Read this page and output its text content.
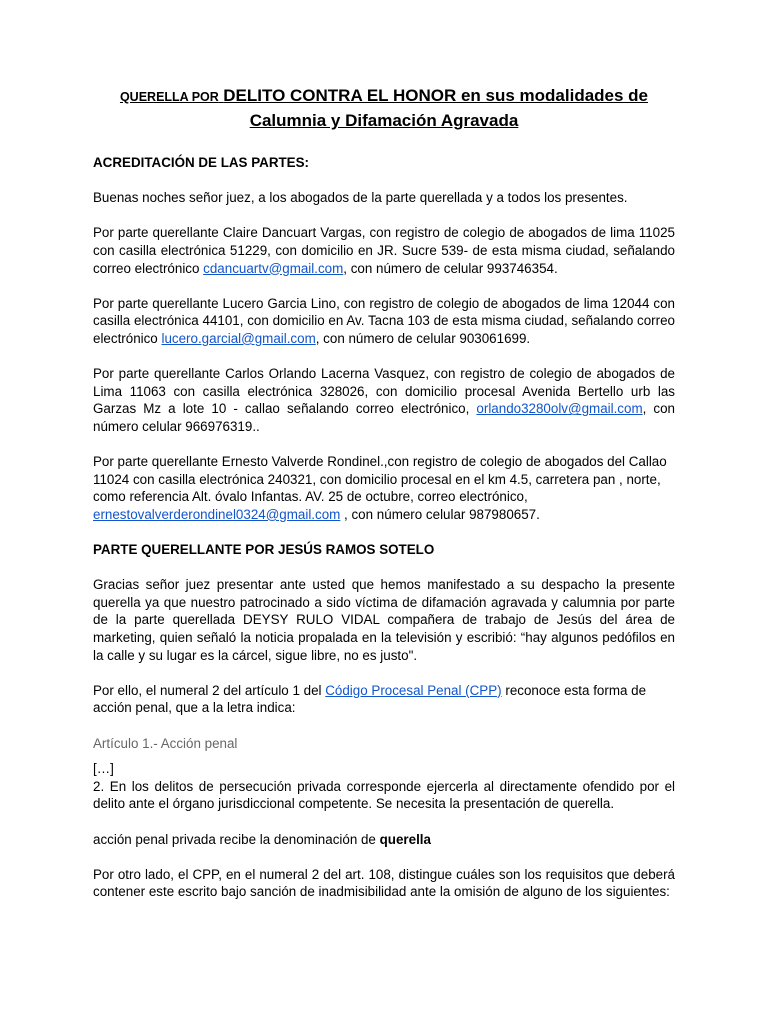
QUERELLA POR DELITO CONTRA EL HONOR en sus modalidades de
Calumnia y Difamación Agravada

ACREDITACIÓN DE LAS PARTES:

Buenas noches señor juez, a los abogados de la parte querellada y a todos los presentes.

Por parte querellante Claire Dancuart Vargas, con registro de colegio de abogados de lima 11025 con casilla electrónica 51229, con domicilio en JR. Sucre 539- de esta misma ciudad, señalando correo electrónico cdancuartv@gmail.com, con número de celular 993746354.

Por parte querellante Lucero Garcia Lino, con registro de colegio de abogados de lima 12044 con casilla electrónica 44101, con domicilio en Av. Tacna 103 de esta misma ciudad, señalando correo electrónico lucero.garcial@gmail.com, con número de celular 903061699.

Por parte querellante Carlos Orlando Lacerna Vasquez, con registro de colegio de abogados de Lima 11063 con casilla electrónica 328026, con domicilio procesal Avenida Bertello urb las Garzas Mz a lote 10 - callao señalando correo electrónico, orlando3280olv@gmail.com, con número celular 966976319..

Por parte querellante Ernesto Valverde Rondinel.,con registro de colegio de abogados del Callao 11024 con casilla electrónica 240321, con domicilio procesal en el km 4.5, carretera pan , norte, como referencia Alt. óvalo Infantas. AV. 25 de octubre, correo electrónico, ernestovalverderondinel0324@gmail.com , con número celular 987980657.

PARTE QUERELLANTE POR JESÚS RAMOS SOTELO

Gracias señor juez presentar ante usted que hemos manifestado a su despacho la presente querella ya que nuestro patrocinado a sido víctima de difamación agravada y calumnia por parte de la parte querellada DEYSY RULO VIDAL compañera de trabajo de Jesús del área de marketing, quien señaló la noticia propalada en la televisión y escribió: “hay algunos pedófilos en la calle y su lugar es la cárcel, sigue libre, no es justo".

Por ello, el numeral 2 del artículo 1 del Código Procesal Penal (CPP) reconoce esta forma de acción penal, que a la letra indica:

Artículo 1.- Acción penal

[…]

2. En los delitos de persecución privada corresponde ejercerla al directamente ofendido por el delito ante el órgano jurisdiccional competente. Se necesita la presentación de querella.

acción penal privada recibe la denominación de querella

Por otro lado, el CPP, en el numeral 2 del art. 108, distingue cuáles son los requisitos que deberá contener este escrito bajo sanción de inadmisibilidad ante la omisión de alguno de los siguientes:
